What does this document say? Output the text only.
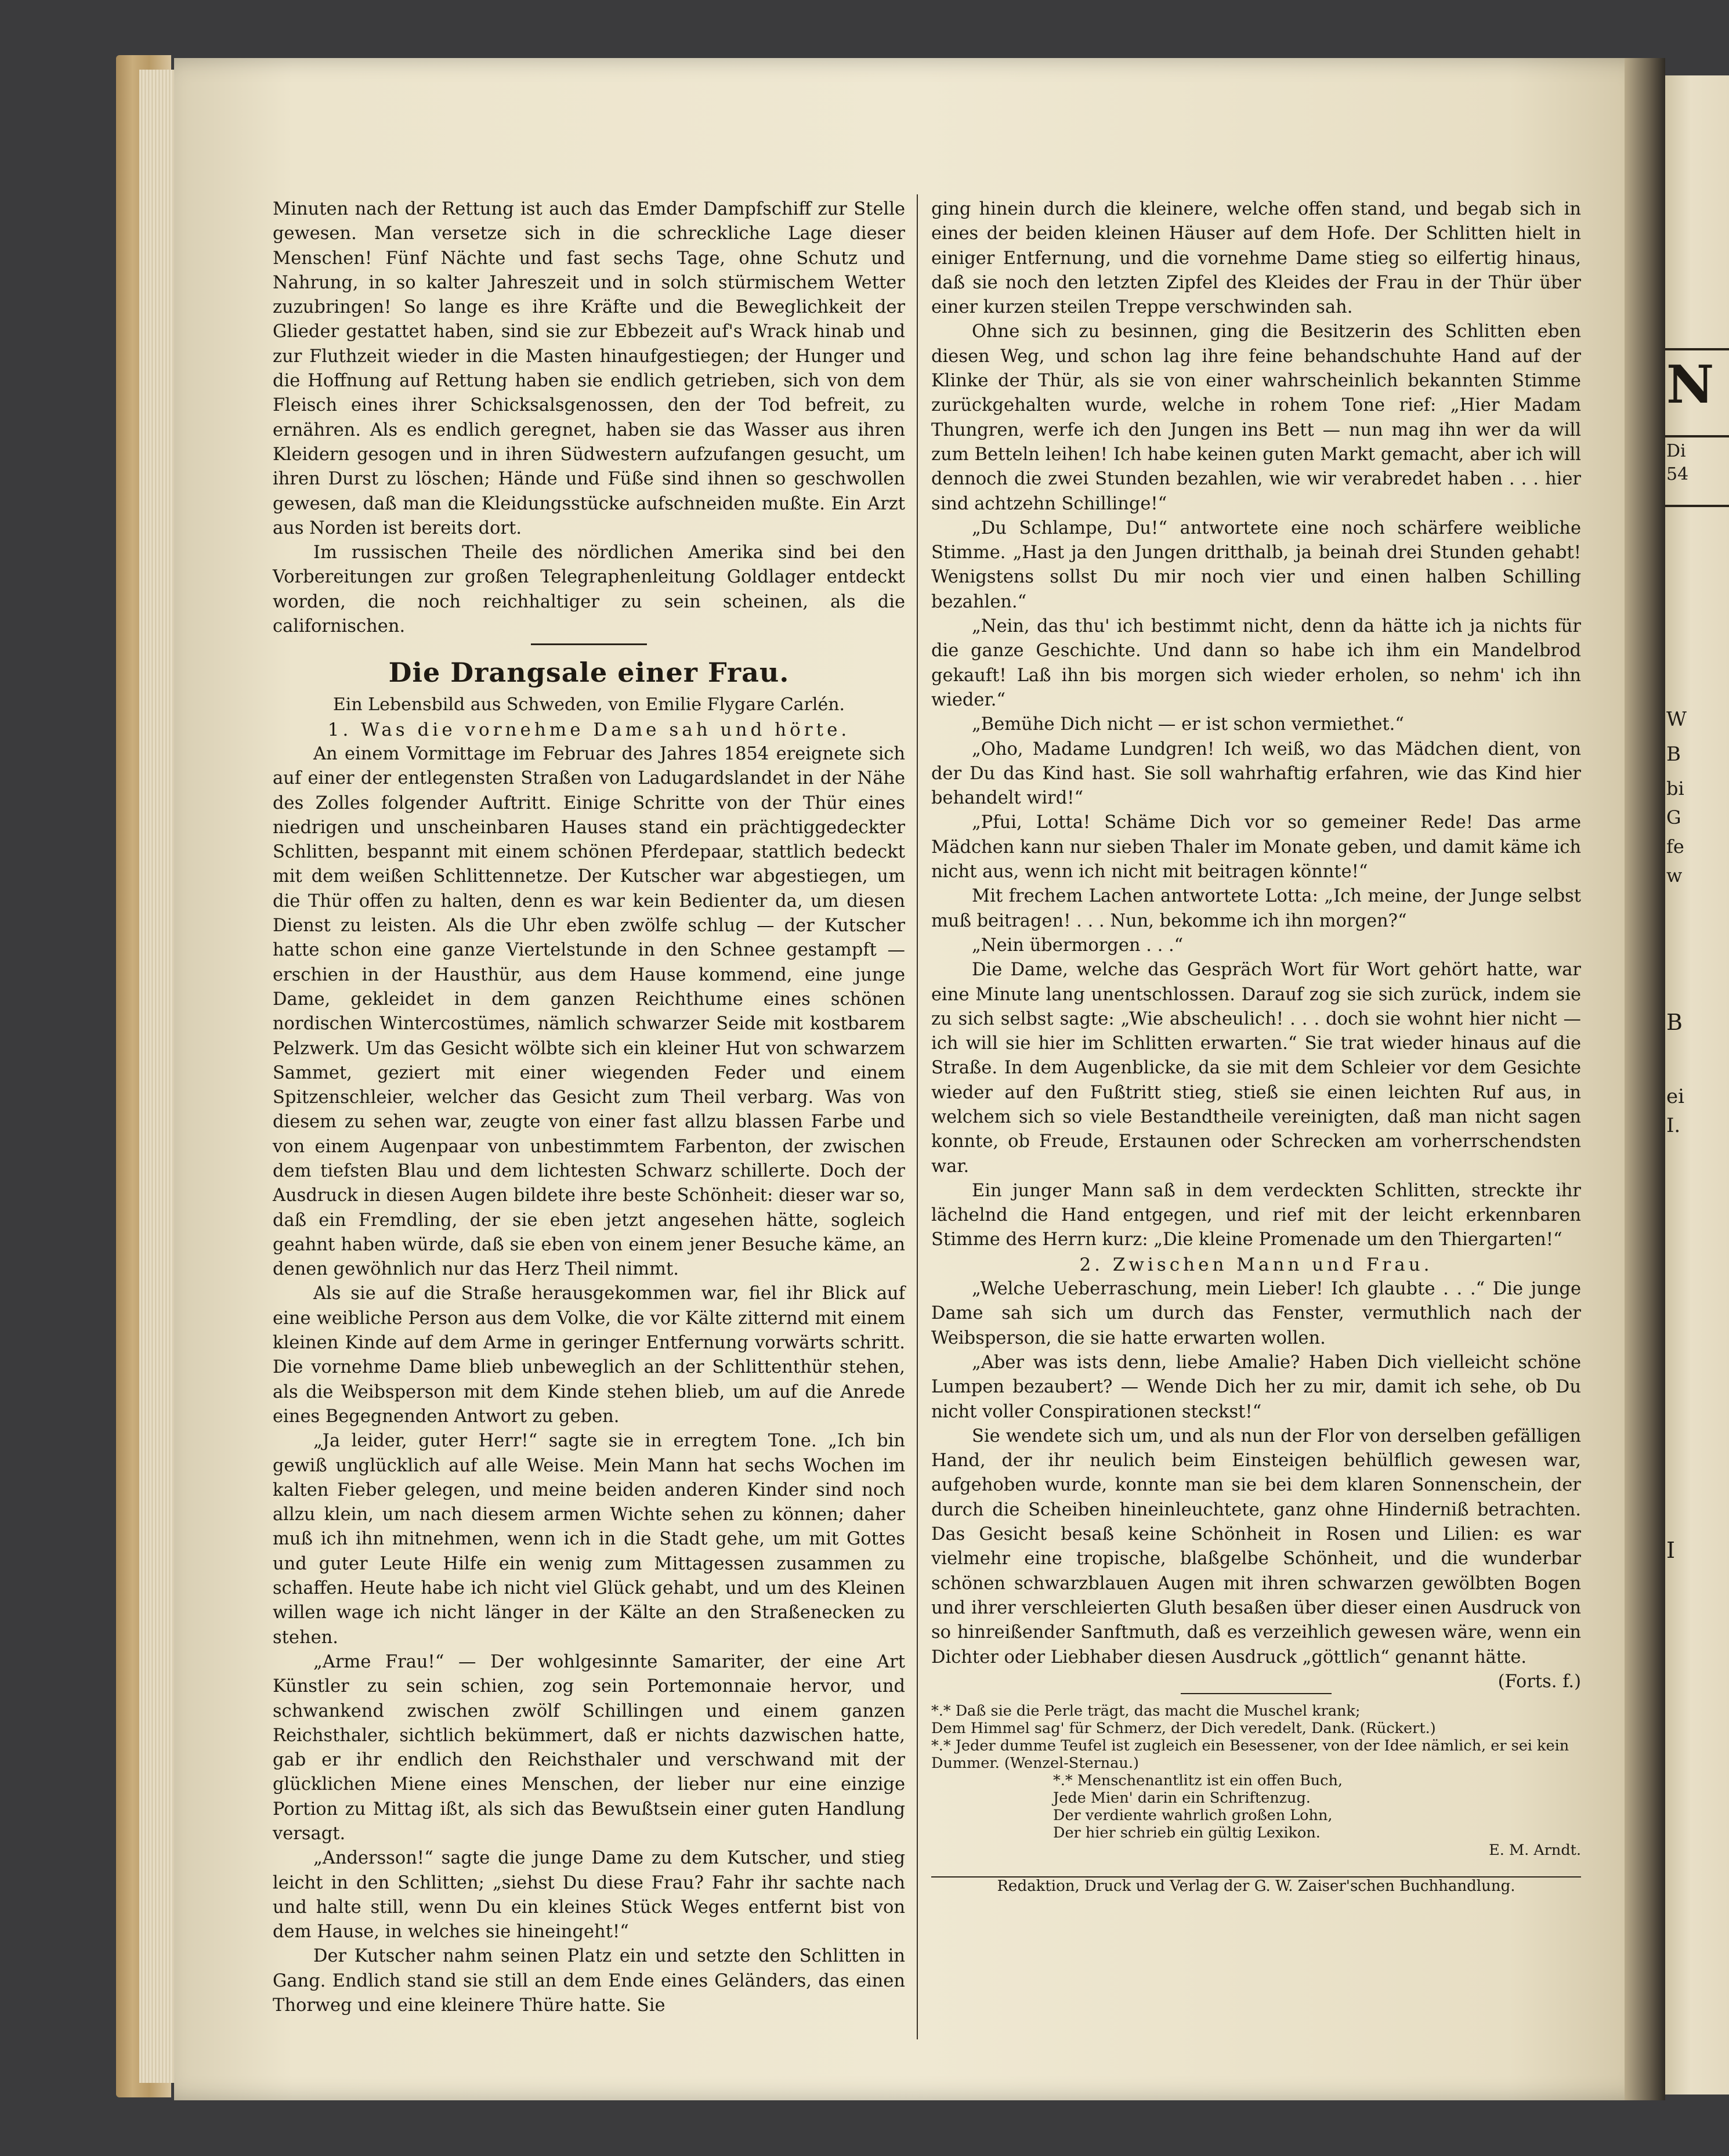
N
Di
54
W
B
bi
G
fe
w
ei
I.
B
I

Minuten nach der Rettung ist auch das Emder Dampfschiff zur Stelle gewesen. Man versetze sich in die schreckliche Lage dieser Menschen! Fünf Nächte und fast sechs Tage, ohne Schutz und Nahrung, in so kalter Jahreszeit und in solch stürmischem Wetter zuzubringen! So lange es ihre Kräfte und die Beweglichkeit der Glieder gestattet haben, sind sie zur Ebbezeit auf's Wrack hinab und zur Fluthzeit wieder in die Masten hinaufgestiegen; der Hunger und die Hoffnung auf Rettung haben sie endlich getrieben, sich von dem Fleisch eines ihrer Schicksalsgenossen, den der Tod befreit, zu ernähren. Als es endlich geregnet, haben sie das Wasser aus ihren Kleidern gesogen und in ihren Südwestern aufzufangen gesucht, um ihren Durst zu löschen; Hände und Füße sind ihnen so geschwollen gewesen, daß man die Kleidungsstücke aufschneiden mußte. Ein Arzt aus Norden ist bereits dort.

Im russischen Theile des nördlichen Amerika sind bei den Vorbereitungen zur großen Telegraphenleitung Goldlager entdeckt worden, die noch reichhaltiger zu sein scheinen, als die californischen.

Die Drangsale einer Frau.

Ein Lebensbild aus Schweden, von Emilie Flygare Carlén.

1. Was die vornehme Dame sah und hörte.

An einem Vormittage im Februar des Jahres 1854 ereignete sich auf einer der entlegensten Straßen von Ladugardslandet in der Nähe des Zolles folgender Auftritt. Einige Schritte von der Thür eines niedrigen und unscheinbaren Hauses stand ein prächtiggedeckter Schlitten, bespannt mit einem schönen Pferdepaar, stattlich bedeckt mit dem weißen Schlittennetze. Der Kutscher war abgestiegen, um die Thür offen zu halten, denn es war kein Bedienter da, um diesen Dienst zu leisten. Als die Uhr eben zwölfe schlug — der Kutscher hatte schon eine ganze Viertelstunde in den Schnee gestampft — erschien in der Hausthür, aus dem Hause kommend, eine junge Dame, gekleidet in dem ganzen Reichthume eines schönen nordischen Wintercostümes, nämlich schwarzer Seide mit kostbarem Pelzwerk. Um das Gesicht wölbte sich ein kleiner Hut von schwarzem Sammet, geziert mit einer wiegenden Feder und einem Spitzenschleier, welcher das Gesicht zum Theil verbarg. Was von diesem zu sehen war, zeugte von einer fast allzu blassen Farbe und von einem Augenpaar von unbestimmtem Farbenton, der zwischen dem tiefsten Blau und dem lichtesten Schwarz schillerte. Doch der Ausdruck in diesen Augen bildete ihre beste Schönheit: dieser war so, daß ein Fremdling, der sie eben jetzt angesehen hätte, sogleich geahnt haben würde, daß sie eben von einem jener Besuche käme, an denen gewöhnlich nur das Herz Theil nimmt.

Als sie auf die Straße herausgekommen war, fiel ihr Blick auf eine weibliche Person aus dem Volke, die vor Kälte zitternd mit einem kleinen Kinde auf dem Arme in geringer Entfernung vorwärts schritt. Die vornehme Dame blieb unbeweglich an der Schlittenthür stehen, als die Weibsperson mit dem Kinde stehen blieb, um auf die Anrede eines Begegnenden Antwort zu geben.

„Ja leider, guter Herr!“ sagte sie in erregtem Tone. „Ich bin gewiß unglücklich auf alle Weise. Mein Mann hat sechs Wochen im kalten Fieber gelegen, und meine beiden anderen Kinder sind noch allzu klein, um nach diesem armen Wichte sehen zu können; daher muß ich ihn mitnehmen, wenn ich in die Stadt gehe, um mit Gottes und guter Leute Hilfe ein wenig zum Mittagessen zusammen zu schaffen. Heute habe ich nicht viel Glück gehabt, und um des Kleinen willen wage ich nicht länger in der Kälte an den Straßenecken zu stehen.

„Arme Frau!“ — Der wohlgesinnte Samariter, der eine Art Künstler zu sein schien, zog sein Portemonnaie hervor, und schwankend zwischen zwölf Schillingen und einem ganzen Reichsthaler, sichtlich bekümmert, daß er nichts dazwischen hatte, gab er ihr endlich den Reichsthaler und verschwand mit der glücklichen Miene eines Menschen, der lieber nur eine einzige Portion zu Mittag ißt, als sich das Bewußtsein einer guten Handlung versagt.

„Andersson!“ sagte die junge Dame zu dem Kutscher, und stieg leicht in den Schlitten; „siehst Du diese Frau? Fahr ihr sachte nach und halte still, wenn Du ein kleines Stück Weges entfernt bist von dem Hause, in welches sie hineingeht!“

Der Kutscher nahm seinen Platz ein und setzte den Schlitten in Gang. Endlich stand sie still an dem Ende eines Geländers, das einen Thorweg und eine kleinere Thüre hatte. Sie

ging hinein durch die kleinere, welche offen stand, und begab sich in eines der beiden kleinen Häuser auf dem Hofe. Der Schlitten hielt in einiger Entfernung, und die vornehme Dame stieg so eilfertig hinaus, daß sie noch den letzten Zipfel des Kleides der Frau in der Thür über einer kurzen steilen Treppe verschwinden sah.

Ohne sich zu besinnen, ging die Besitzerin des Schlitten eben diesen Weg, und schon lag ihre feine behandschuhte Hand auf der Klinke der Thür, als sie von einer wahrscheinlich bekannten Stimme zurückgehalten wurde, welche in rohem Tone rief: „Hier Madam Thungren, werfe ich den Jungen ins Bett — nun mag ihn wer da will zum Betteln leihen! Ich habe keinen guten Markt gemacht, aber ich will dennoch die zwei Stunden bezahlen, wie wir verabredet haben . . . hier sind achtzehn Schillinge!“

„Du Schlampe, Du!“ antwortete eine noch schärfere weibliche Stimme. „Hast ja den Jungen dritthalb, ja beinah drei Stunden gehabt! Wenigstens sollst Du mir noch vier und einen halben Schilling bezahlen.“

„Nein, das thu' ich bestimmt nicht, denn da hätte ich ja nichts für die ganze Geschichte. Und dann so habe ich ihm ein Mandelbrod gekauft! Laß ihn bis morgen sich wieder erholen, so nehm' ich ihn wieder.“

„Bemühe Dich nicht — er ist schon vermiethet.“

„Oho, Madame Lundgren! Ich weiß, wo das Mädchen dient, von der Du das Kind hast. Sie soll wahrhaftig erfahren, wie das Kind hier behandelt wird!“

„Pfui, Lotta! Schäme Dich vor so gemeiner Rede! Das arme Mädchen kann nur sieben Thaler im Monate geben, und damit käme ich nicht aus, wenn ich nicht mit beitragen könnte!“

Mit frechem Lachen antwortete Lotta: „Ich meine, der Junge selbst muß beitragen! . . . Nun, bekomme ich ihn morgen?“

„Nein übermorgen . . .“

Die Dame, welche das Gespräch Wort für Wort gehört hatte, war eine Minute lang unentschlossen. Darauf zog sie sich zurück, indem sie zu sich selbst sagte: „Wie abscheulich! . . . doch sie wohnt hier nicht — ich will sie hier im Schlitten erwarten.“ Sie trat wieder hinaus auf die Straße. In dem Augenblicke, da sie mit dem Schleier vor dem Gesichte wieder auf den Fußtritt stieg, stieß sie einen leichten Ruf aus, in welchem sich so viele Bestandtheile vereinigten, daß man nicht sagen konnte, ob Freude, Erstaunen oder Schrecken am vorherrschendsten war.

Ein junger Mann saß in dem verdeckten Schlitten, streckte ihr lächelnd die Hand entgegen, und rief mit der leicht erkennbaren Stimme des Herrn kurz: „Die kleine Promenade um den Thiergarten!“

2. Zwischen Mann und Frau.

„Welche Ueberraschung, mein Lieber! Ich glaubte . . .“ Die junge Dame sah sich um durch das Fenster, vermuthlich nach der Weibsperson, die sie hatte erwarten wollen.

„Aber was ists denn, liebe Amalie? Haben Dich vielleicht schöne Lumpen bezaubert? — Wende Dich her zu mir, damit ich sehe, ob Du nicht voller Conspirationen steckst!“

Sie wendete sich um, und als nun der Flor von derselben gefälligen Hand, der ihr neulich beim Einsteigen behülflich gewesen war, aufgehoben wurde, konnte man sie bei dem klaren Sonnenschein, der durch die Scheiben hineinleuchtete, ganz ohne Hinderniß betrachten. Das Gesicht besaß keine Schönheit in Rosen und Lilien: es war vielmehr eine tropische, blaßgelbe Schönheit, und die wunderbar schönen schwarzblauen Augen mit ihren schwarzen gewölbten Bogen und ihrer verschleierten Gluth besaßen über dieser einen Ausdruck von so hinreißender Sanftmuth, daß es verzeihlich gewesen wäre, wenn ein Dichter oder Liebhaber diesen Ausdruck „göttlich“ genannt hätte.
(Forts. f.)

*.* Daß sie die Perle trägt, das macht die Muschel krank;

Dem Himmel sag' für Schmerz, der Dich veredelt, Dank. (Rückert.)

*.* Jeder dumme Teufel ist zugleich ein Besessener, von der Idee nämlich, er sei kein Dummer. (Wenzel-Sternau.)

*.* Menschenantlitz ist ein offen Buch,

Jede Mien' darin ein Schriftenzug.

Der verdiente wahrlich großen Lohn,

Der hier schrieb ein gültig Lexikon.

E. M. Arndt.

Redaktion, Druck und Verlag der G. W. Zaiser'schen Buchhandlung.
